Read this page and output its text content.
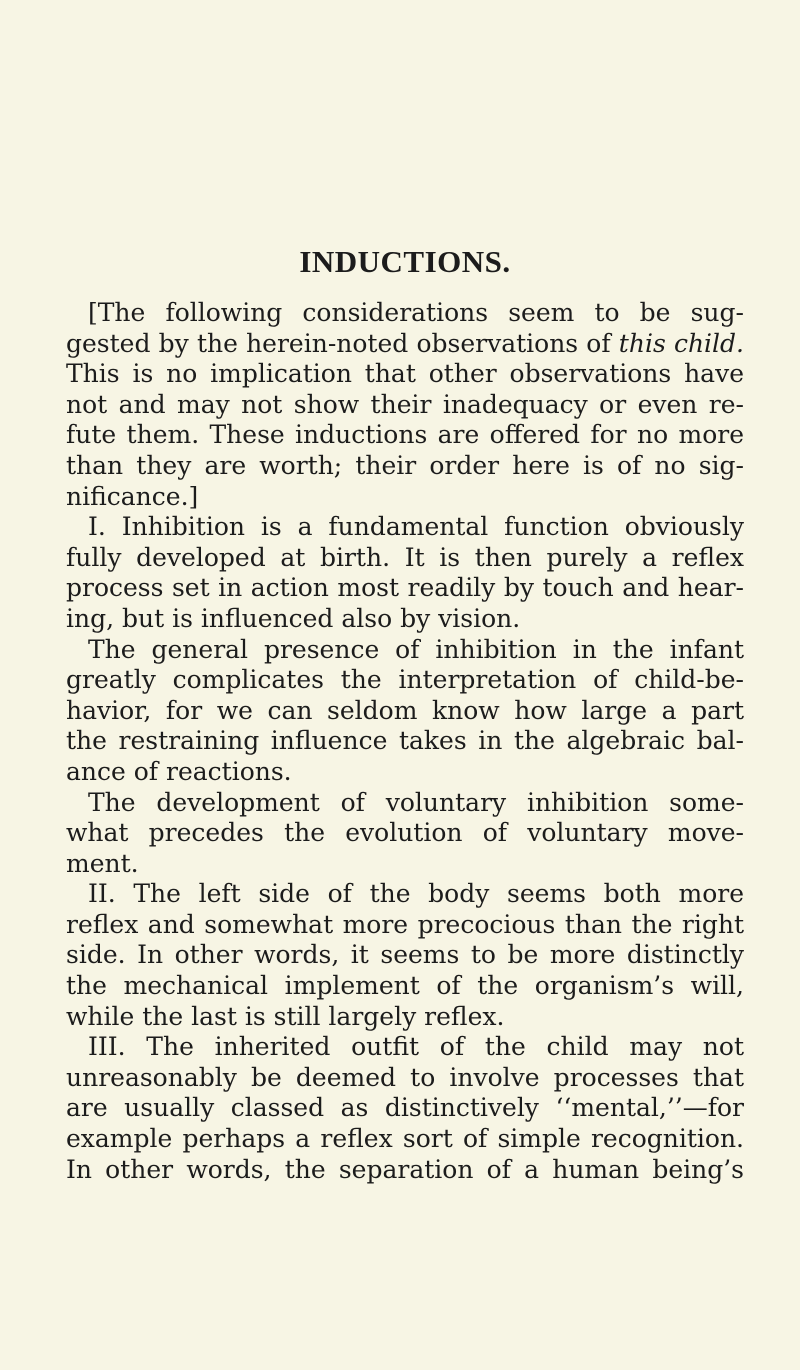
INDUCTIONS.
[The following considerations seem to be sug-
gested by the herein-noted observations of this child.
This is no implication that other observations have
not and may not show their inadequacy or even re-
fute them. These inductions are offered for no more
than they are worth; their order here is of no sig-
nificance.]
I. Inhibition is a fundamental function obviously
fully developed at birth. It is then purely a reflex
process set in action most readily by touch and hear-
ing, but is influenced also by vision.
The general presence of inhibition in the infant
greatly complicates the interpretation of child-be-
havior, for we can seldom know how large a part
the restraining influence takes in the algebraic bal-
ance of reactions.
The development of voluntary inhibition some-
what precedes the evolution of voluntary move-
ment.
II. The left side of the body seems both more
reflex and somewhat more precocious than the right
side. In other words, it seems to be more distinctly
the mechanical implement of the organism’s will,
while the last is still largely reflex.
III. The inherited outfit of the child may not
unreasonably be deemed to involve processes that
are usually classed as distinctively ‘‘mental,’’—for
example perhaps a reflex sort of simple recognition.
In other words, the separation of a human being’s
